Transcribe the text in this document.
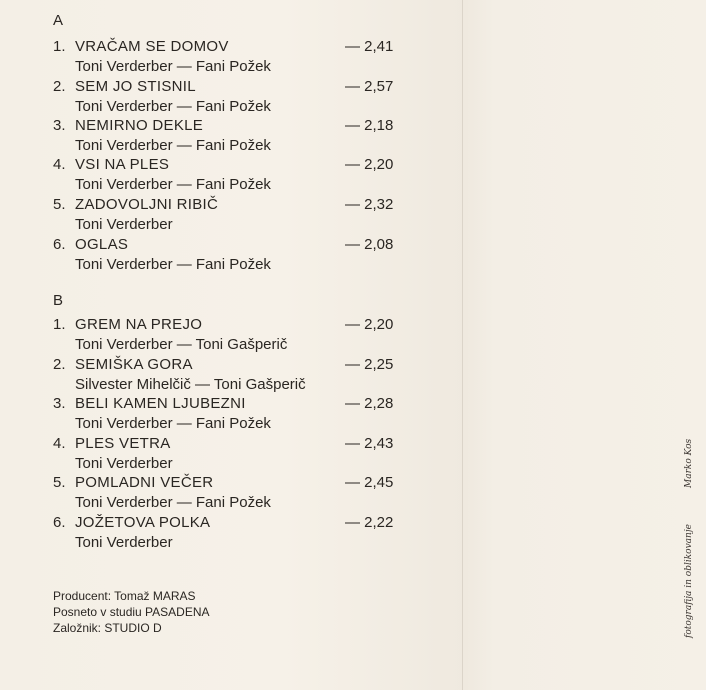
A
1. VRAČAM SE DOMOV	— 2,41
Toni Verderber — Fani Požek
2. SEM JO STISNIL	— 2,57
Toni Verderber — Fani Požek
3. NEMIRNO DEKLE	— 2,18
Toni Verderber — Fani Požek
4. VSI NA PLES	— 2,20
Toni Verderber — Fani Požek
5. ZADOVOLJNI RIBIČ	— 2,32
Toni Verderber
6. OGLAS	— 2,08
Toni Verderber — Fani Požek
B
1. GREM NA PREJO	— 2,20
Toni Verderber — Toni Gašperič
2. SEMIŠKA GORA	— 2,25
Silvester Mihelčič — Toni Gašperič
3. BELI KAMEN LJUBEZNI	— 2,28
Toni Verderber — Fani Požek
4. PLES VETRA	— 2,43
Toni Verderber
5. POMLADNI VEČER	— 2,45
Toni Verderber — Fani Požek
6. JOŽETOVA POLKA	— 2,22
Toni Verderber
Producent: Tomaž MARAS
Posneto v studiu PASADENA
Založnik: STUDIO D	fotografija in oblikovanje
Marko Kos
